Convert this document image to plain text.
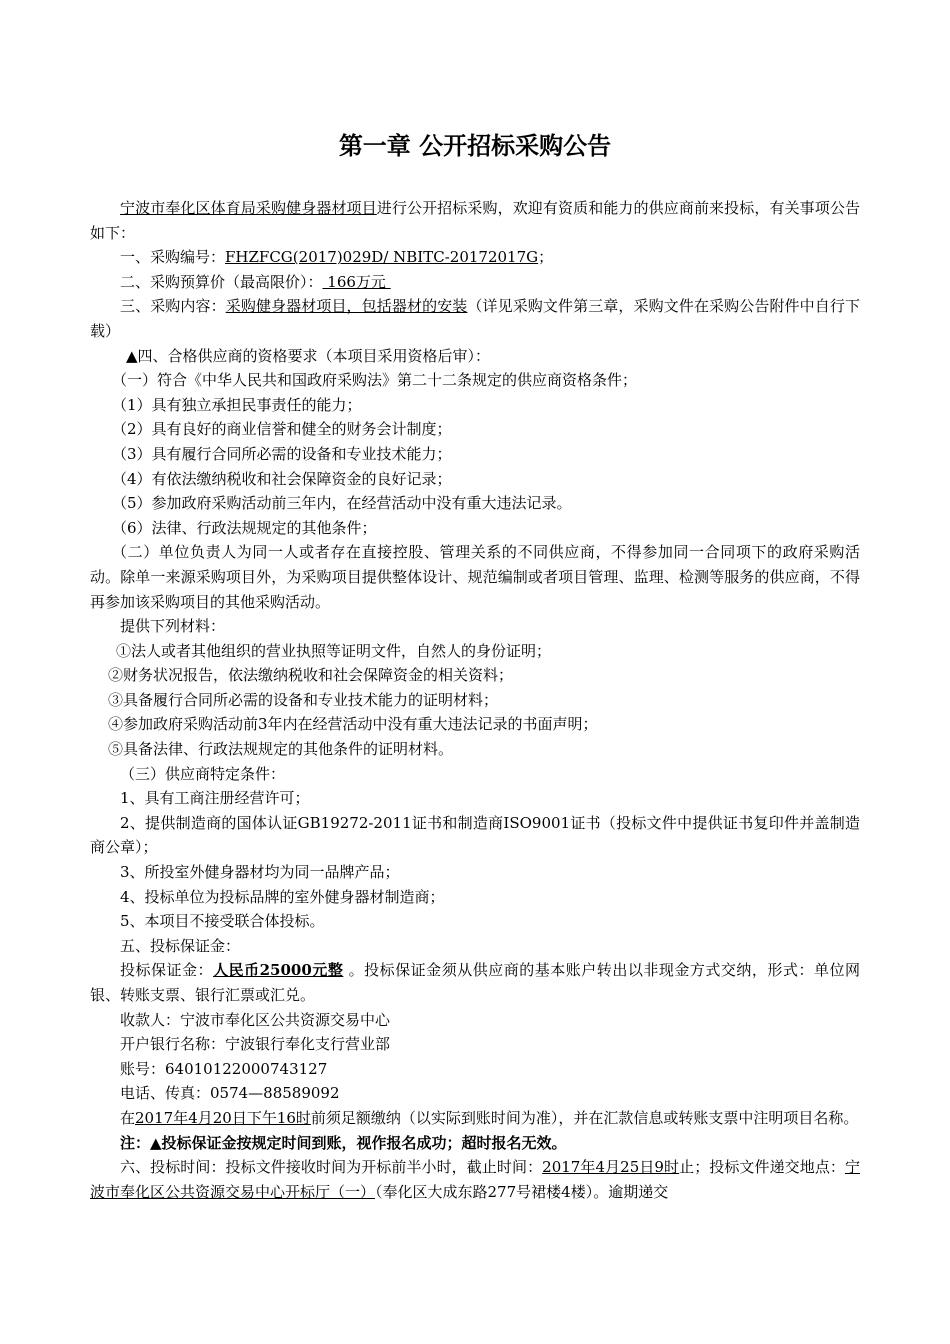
第一章 公开招标采购公告

宁波市奉化区体育局采购健身器材项目进行公开招标采购，欢迎有资质和能力的供应商前来投标，有关事项公告如下：

一、采购编号：FHZFCG(2017)029D/ NBITC-20172017G；

二、采购预算价（最高限价）： 166万元

三、采购内容：采购健身器材项目，包括器材的安装（详见采购文件第三章，采购文件在采购公告附件中自行下载）

▲四、合格供应商的资格要求（本项目采用资格后审）：

（一）符合《中华人民共和国政府采购法》第二十二条规定的供应商资格条件；

（1）具有独立承担民事责任的能力；

（2）具有良好的商业信誉和健全的财务会计制度；

（3）具有履行合同所必需的设备和专业技术能力；

（4）有依法缴纳税收和社会保障资金的良好记录；

（5）参加政府采购活动前三年内，在经营活动中没有重大违法记录。

（6）法律、行政法规规定的其他条件；

（二）单位负责人为同一人或者存在直接控股、管理关系的不同供应商，不得参加同一合同项下的政府采购活动。除单一来源采购项目外，为采购项目提供整体设计、规范编制或者项目管理、监理、检测等服务的供应商，不得再参加该采购项目的其他采购活动。

提供下列材料：

①法人或者其他组织的营业执照等证明文件，自然人的身份证明；

②财务状况报告，依法缴纳税收和社会保障资金的相关资料；

③具备履行合同所必需的设备和专业技术能力的证明材料；

④参加政府采购活动前3年内在经营活动中没有重大违法记录的书面声明；

⑤具备法律、行政法规规定的其他条件的证明材料。

（三）供应商特定条件：

1、具有工商注册经营许可；

2、提供制造商的国体认证GB19272-2011证书和制造商ISO9001证书（投标文件中提供证书复印件并盖制造商公章）；

3、所投室外健身器材均为同一品牌产品；

4、投标单位为投标品牌的室外健身器材制造商；

5、本项目不接受联合体投标。

五、投标保证金：

投标保证金：人民币25000元整 。投标保证金须从供应商的基本账户转出以非现金方式交纳，形式：单位网银、转账支票、银行汇票或汇兑。

收款人：宁波市奉化区公共资源交易中心

开户银行名称：宁波银行奉化支行营业部

账号：64010122000743127

电话、传真：0574—88589092

在2017年4月20日下午16时前须足额缴纳（以实际到账时间为准），并在汇款信息或转账支票中注明项目名称。

注：▲投标保证金按规定时间到账，视作报名成功；超时报名无效。

六、投标时间：投标文件接收时间为开标前半小时，截止时间：2017年4月25日9时止；投标文件递交地点：宁波市奉化区公共资源交易中心开标厅（一）（奉化区大成东路277号裙楼4楼）。逾期递交
